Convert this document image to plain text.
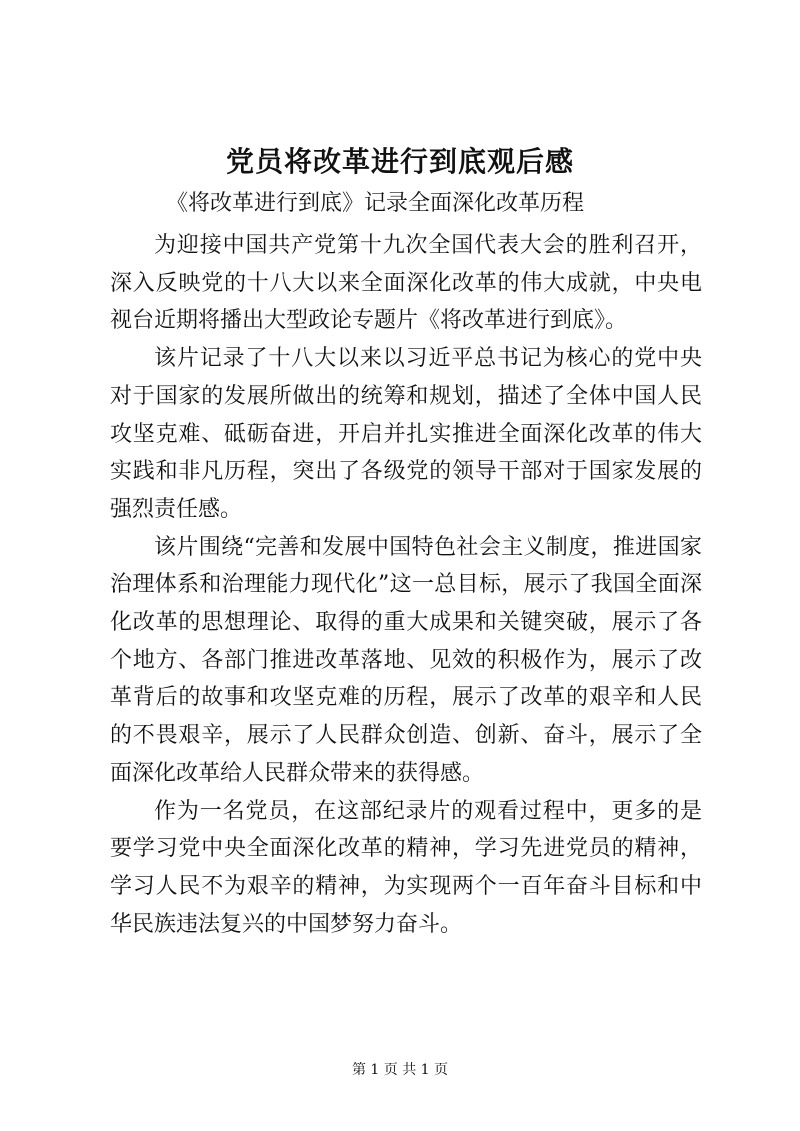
党员将改革进行到底观后感
《将改革进行到底》记录全面深化改革历程

为迎接中国共产党第十九次全国代表大会的胜利召开，深入反映党的十八大以来全面深化改革的伟大成就，中央电视台近期将播出大型政论专题片《将改革进行到底》。

该片记录了十八大以来以习近平总书记为核心的党中央对于国家的发展所做出的统筹和规划，描述了全体中国人民攻坚克难、砥砺奋进，开启并扎实推进全面深化改革的伟大实践和非凡历程，突出了各级党的领导干部对于国家发展的强烈责任感。

该片围绕“完善和发展中国特色社会主义制度，推进国家治理体系和治理能力现代化”这一总目标，展示了我国全面深化改革的思想理论、取得的重大成果和关键突破，展示了各个地方、各部门推进改革落地、见效的积极作为，展示了改革背后的故事和攻坚克难的历程，展示了改革的艰辛和人民的不畏艰辛，展示了人民群众创造、创新、奋斗，展示了全面深化改革给人民群众带来的获得感。

作为一名党员，在这部纪录片的观看过程中，更多的是要学习党中央全面深化改革的精神，学习先进党员的精神，学习人民不为艰辛的精神，为实现两个一百年奋斗目标和中华民族违法复兴的中国梦努力奋斗。

第 1 页 共 1 页
